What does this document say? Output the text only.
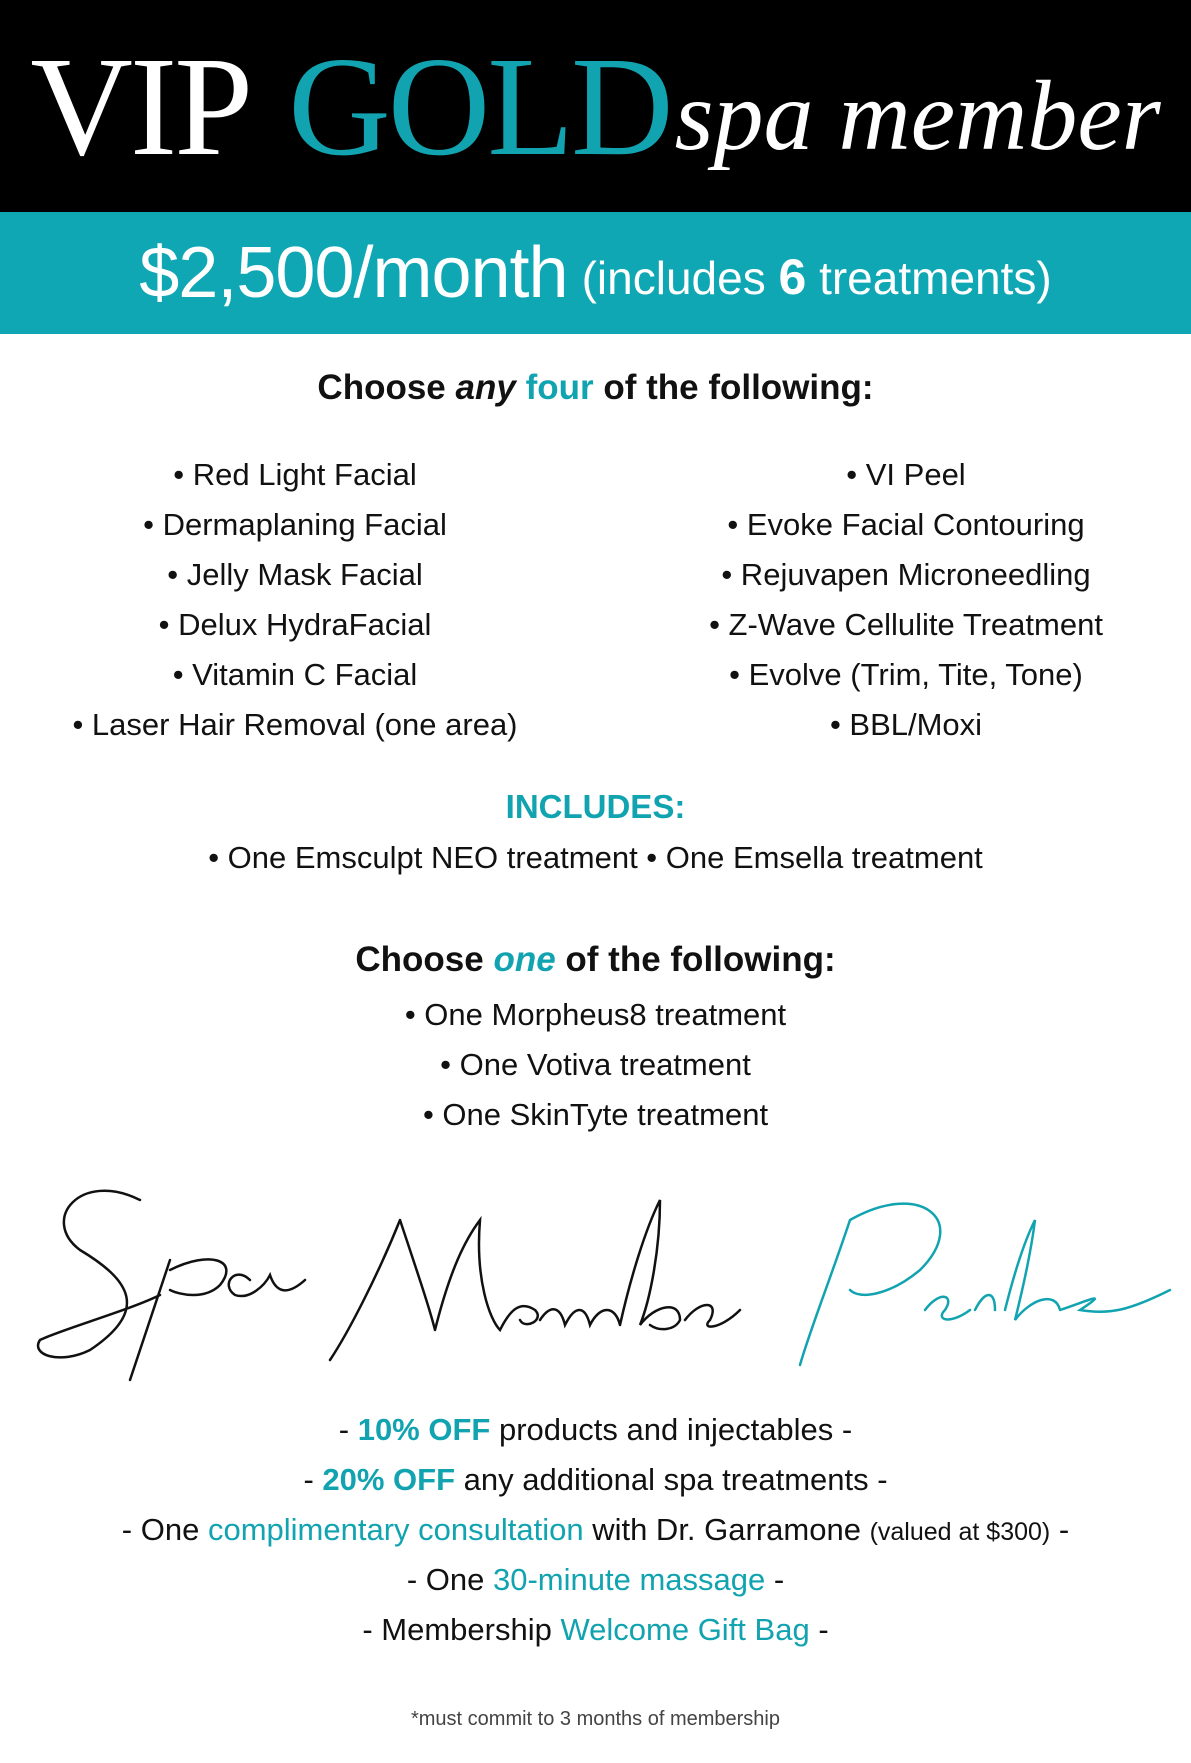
VIP GOLD spa member
$2,500/month (includes 6 treatments)
Choose any four of the following:
• Red Light Facial
• Dermaplaning Facial
• Jelly Mask Facial
• Delux HydraFacial
• Vitamin C Facial
• Laser Hair Removal (one area)
• VI Peel
• Evoke Facial Contouring
• Rejuvapen Microneedling
• Z-Wave Cellulite Treatment
• Evolve (Trim, Tite, Tone)
• BBL/Moxi
INCLUDES:
• One Emsculpt NEO treatment • One Emsella treatment
Choose one of the following:
• One Morpheus8 treatment
• One Votiva treatment
• One SkinTyte treatment
- 10% OFF products and injectables -
- 20% OFF any additional spa treatments -
- One complimentary consultation with Dr. Garramone (valued at $300) -
- One 30-minute massage -
- Membership Welcome Gift Bag -
*must commit to 3 months of membership
